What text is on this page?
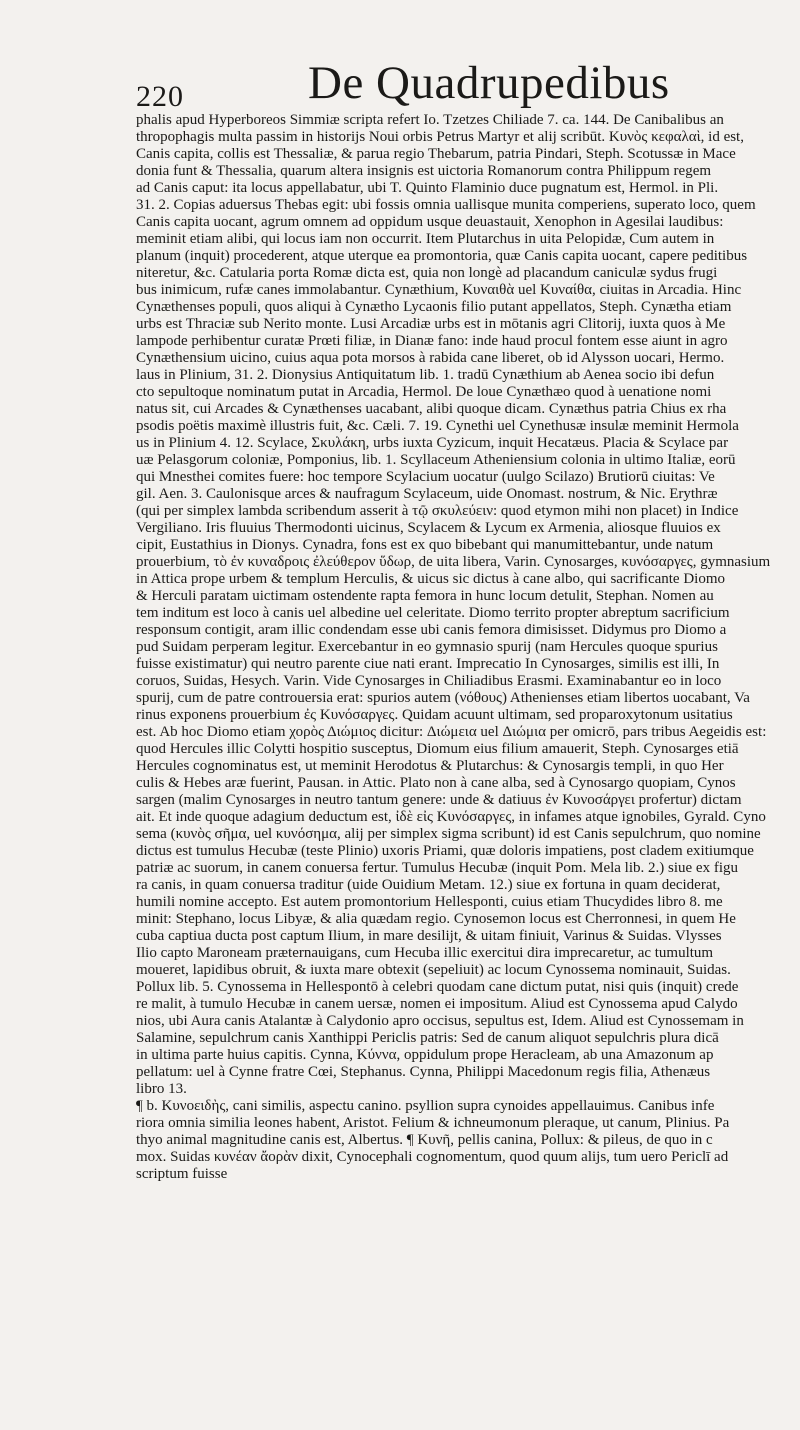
220	De Quadrupedibus
phalis apud Hyperboreos Simmiæ scripta refert Io. Tzetzes Chiliade 7. ca. 144. De Canibalibus an
thropophagis multa passim in historijs Noui orbis Petrus Martyr et alij scribūt. Κυνὸς κεφαλαὶ, id est,
Canis capita, collis est Thessaliæ, & parua regio Thebarum, patria Pindari, Steph. Scotussæ in Mace
donia funt & Thessalia, quarum altera insignis est uictoria Romanorum contra Philippum regem
ad Canis caput: ita locus appellabatur, ubi T. Quinto Flaminio duce pugnatum est, Hermol. in Pli.
31. 2. Copias aduersus Thebas egit: ubi fossis omnia uallisque munita comperiens, superato loco, quem
Canis capita uocant, agrum omnem ad oppidum usque deuastauit, Xenophon in Agesilai laudibus:
meminit etiam alibi, qui locus iam non occurrit. Item Plutarchus in uita Pelopidæ, Cum autem in
planum (inquit) procederent, atque uterque ea promontoria, quæ Canis capita uocant, capere peditibus
niteretur, &c. Catularia porta Romæ dicta est, quia non longè ad placandum caniculæ sydus frugi
bus inimicum, rufæ canes immolabantur. Cynæthium, Κυναιθὰ uel Κυναίθα, ciuitas in Arcadia. Hinc
Cynæthenses populi, quos aliqui à Cynætho Lycaonis filio putant appellatos, Steph. Cynætha etiam
urbs est Thraciæ sub Nerito monte. Lusi Arcadiæ urbs est in mōtanis agri Clitorij, iuxta quos à Me
lampode perhibentur curatæ Prœti filiæ, in Dianæ fano: inde haud procul fontem esse aiunt in agro
Cynæthensium uicino, cuius aqua pota morsos à rabida cane liberet, ob id Alysson uocari, Hermo.
laus in Plinium, 31. 2. Dionysius Antiquitatum lib. 1. tradū Cynæthium ab Aenea socio ibi defun
cto sepultoque nominatum putat in Arcadia, Hermol. De loue Cynæthæo quod à uenatione nomi
natus sit, cui Arcades & Cynæthenses uacabant, alibi quoque dicam. Cynæthus patria Chius ex rha
psodis poëtis maximè illustris fuit, &c. Cæli. 7. 19. Cynethi uel Cynethusæ insulæ meminit Hermola
us in Plinium 4. 12. Scylace, Σκυλάκη, urbs iuxta Cyzicum, inquit Hecatæus. Placia & Scylace par
uæ Pelasgorum coloniæ, Pomponius, lib. 1. Scyllaceum Atheniensium colonia in ultimo Italiæ, eorū
qui Mnesthei comites fuere: hoc tempore Scylacium uocatur (uulgo Scilazo) Brutiorū ciuitas: Ve
gil. Aen. 3. Caulonisque arces & naufragum Scylaceum, uide Onomast. nostrum, & Nic. Erythræ
(qui per simplex lambda scribendum asserit à τῷ σκυλεύειν: quod etymon mihi non placet) in Indice
Vergiliano. Iris fluuius Thermodonti uicinus, Scylacem & Lycum ex Armenia, aliosque fluuios ex
cipit, Eustathius in Dionys. Cynadra, fons est ex quo bibebant qui manumittebantur, unde natum
prouerbium, τὸ ἐν κυναδροις ἐλεύθερον ὕδωρ, de uita libera, Varin. Cynosarges, κυνόσαργες, gymnasium
in Attica prope urbem & templum Herculis, & uicus sic dictus à cane albo, qui sacrificante Diomo
& Herculi paratam uictimam ostendente rapta femora in hunc locum detulit, Stephan. Nomen au
tem inditum est loco à canis uel albedine uel celeritate. Diomo territo propter abreptum sacrificium
responsum contigit, aram illic condendam esse ubi canis femora dimisisset. Didymus pro Diomo a
pud Suidam perperam legitur. Exercebantur in eo gymnasio spurij (nam Hercules quoque spurius
fuisse existimatur) qui neutro parente ciue nati erant. Imprecatio In Cynosarges, similis est illi, In
coruos, Suidas, Hesych. Varin. Vide Cynosarges in Chiliadibus Erasmi. Examinabantur eo in loco
spurij, cum de patre controuersia erat: spurios autem (νόθους) Athenienses etiam libertos uocabant, Va
rinus exponens prouerbium ἐς Κυνόσαργες. Quidam acuunt ultimam, sed proparoxytonum usitatius
est. Ab hoc Diomo etiam χορὸς Διώμιος dicitur: Διώμεια uel Διώμια per omicrō, pars tribus Aegeidis est:
quod Hercules illic Colytti hospitio susceptus, Diomum eius filium amauerit, Steph. Cynosarges etiā
Hercules cognominatus est, ut meminit Herodotus & Plutarchus: & Cynosargis templi, in quo Her
culis & Hebes aræ fuerint, Pausan. in Attic. Plato non à cane alba, sed à Cynosargo quopiam, Cynos
sargen (malim Cynosarges in neutro tantum genere: unde & datiuus ἐν Κυνοσάργει profertur) dictam
ait. Et inde quoque adagium deductum est, ἰδὲ εἰς Κυνόσαργες, in infames atque ignobiles, Gyrald. Cyno
sema (κυνὸς σῆμα, uel κυνόσημα, alij per simplex sigma scribunt) id est Canis sepulchrum, quo nomine
dictus est tumulus Hecubæ (teste Plinio) uxoris Priami, quæ doloris impatiens, post cladem exitiumque
patriæ ac suorum, in canem conuersa fertur. Tumulus Hecubæ (inquit Pom. Mela lib. 2.) siue ex figu
ra canis, in quam conuersa traditur (uide Ouidium Metam. 12.) siue ex fortuna in quam deciderat,
humili nomine accepto. Est autem promontorium Hellesponti, cuius etiam Thucydides libro 8. me
minit: Stephano, locus Libyæ, & alia quædam regio. Cynosemon locus est Cherronnesi, in quem He
cuba captiua ducta post captum Ilium, in mare desilijt, & uitam finiuit, Varinus & Suidas. Vlysses
Ilio capto Maroneam præternauigans, cum Hecuba illic exercitui dira imprecaretur, ac tumultum
moueret, lapidibus obruit, & iuxta mare obtexit (sepeliuit) ac locum Cynossema nominauit, Suidas.
Pollux lib. 5. Cynossema in Hellespontō à celebri quodam cane dictum putat, nisi quis (inquit) crede
re malit, à tumulo Hecubæ in canem uersæ, nomen ei impositum. Aliud est Cynossema apud Calydo
nios, ubi Aura canis Atalantæ à Calydonio apro occisus, sepultus est, Idem. Aliud est Cynossemam in
Salamine, sepulchrum canis Xanthippi Periclis patris: Sed de canum aliquot sepulchris plura dicā
in ultima parte huius capitis. Cynna, Κύννα, oppidulum prope Heracleam, ab una Amazonum ap
pellatum: uel à Cynne fratre Cœi, Stephanus. Cynna, Philippi Macedonum regis filia, Athenæus
libro 13.
¶ b. Κυνοειδὴς, cani similis, aspectu canino. psyllion supra cynoides appellauimus. Canibus infe
riora omnia similia leones habent, Aristot. Felium & ichneumonum pleraque, ut canum, Plinius. Pa
thyo animal magnitudine canis est, Albertus. ¶ Κυνῆ, pellis canina, Pollux: & pileus, de quo in c
mox. Suidas κυνέαν ἄορὰν dixit, Cynocephali cognomentum, quod quum alijs, tum uero Periclī ad
scriptum fuisse
